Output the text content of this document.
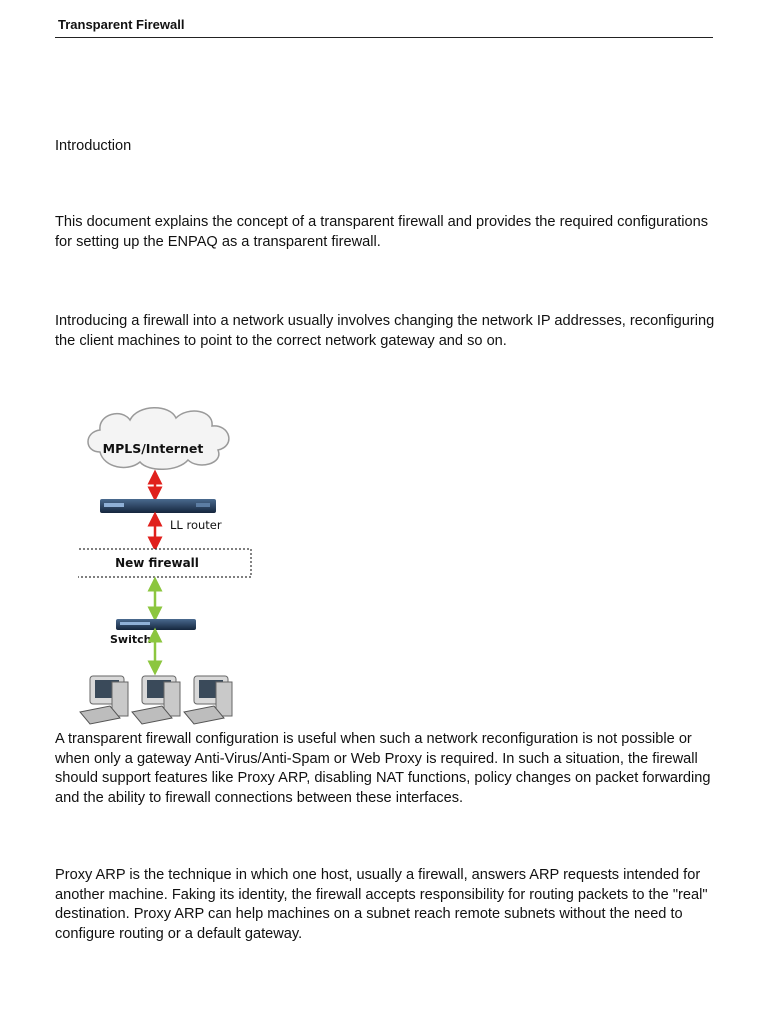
Transparent Firewall

Introduction

This document explains the concept of a transparent firewall and provides the required configurations for setting up the ENPAQ as a transparent firewall.

Introducing a firewall into a network usually involves changing the network IP addresses, reconfiguring the client machines to point to the correct network gateway and so on.

MPLS/Internet
LL router
New firewall
Switch

A transparent firewall configuration is useful when such a network reconfiguration is not possible or when only a gateway Anti-Virus/Anti-Spam or Web Proxy is required. In such a situation, the firewall should support features like Proxy ARP, disabling NAT functions, policy changes on packet forwarding and the ability to firewall connections between these interfaces.

Proxy ARP is the technique in which one host, usually a firewall, answers ARP requests intended for another machine. Faking its identity, the firewall accepts responsibility for routing packets to the "real" destination. Proxy ARP can help machines on a subnet reach remote subnets without the need to configure routing or a default gateway.
